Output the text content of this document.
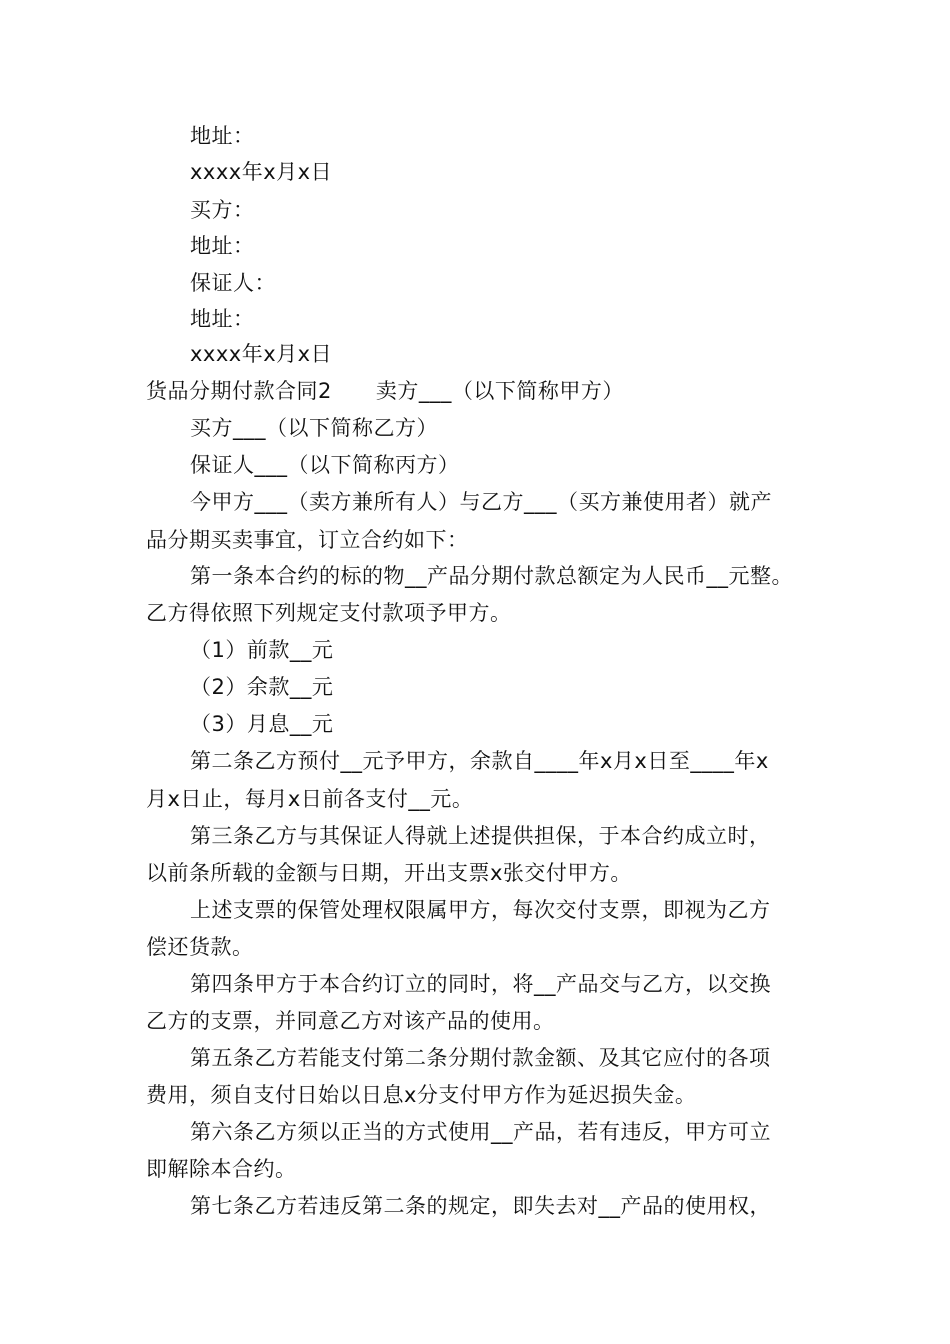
地址：
xxxx年x月x日
买方：
地址：
保证人：
地址：
xxxx年x月x日
货品分期付款合同2 卖方___（以下简称甲方）
买方___（以下简称乙方）
保证人___（以下简称丙方）
今甲方___（卖方兼所有人）与乙方___（买方兼使用者）就产
品分期买卖事宜，订立合约如下：
第一条本合约的标的物__产品分期付款总额定为人民币__元整。
乙方得依照下列规定支付款项予甲方。
（1）前款__元
（2）余款__元
（3）月息__元
第二条乙方预付__元予甲方，余款自____年x月x日至____年x
月x日止，每月x日前各支付__元。
第三条乙方与其保证人得就上述提供担保，于本合约成立时，
以前条所载的金额与日期，开出支票x张交付甲方。
上述支票的保管处理权限属甲方，每次交付支票，即视为乙方
偿还货款。
第四条甲方于本合约订立的同时，将__产品交与乙方，以交换
乙方的支票，并同意乙方对该产品的使用。
第五条乙方若能支付第二条分期付款金额、及其它应付的各项
费用，须自支付日始以日息x分支付甲方作为延迟损失金。
第六条乙方须以正当的方式使用__产品，若有违反，甲方可立
即解除本合约。
第七条乙方若违反第二条的规定，即失去对__产品的使用权，
